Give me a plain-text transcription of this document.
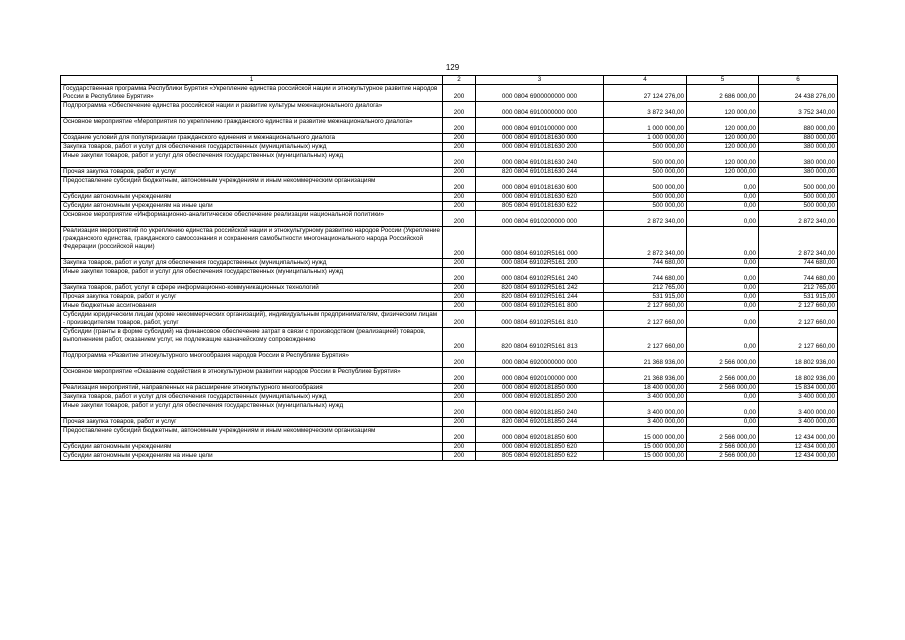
129
1	2	3	4	5	6
Государственная программа Республики Бурятия «Укрепление единства российской нации и этнокультурное развитие народов России в Республике Бурятия»	200	000 0804 6900000000 000	27 124 276,00	2 686 000,00	24 438 276,00
Подпрограмма «Обеспечение единства российской нации и развитие культуры межнационального диалога»	200	000 0804 6910000000 000	3 872 340,00	120 000,00	3 752 340,00
Основное мероприятие «Мероприятия по укреплению гражданского единства и развитие межнационального диалога»	200	000 0804 6910100000 000	1 000 000,00	120 000,00	880 000,00
Создание условий для популяризации гражданского единения и межнационального диалога	200	000 0804 6910181630 000	1 000 000,00	120 000,00	880 000,00
Закупка товаров, работ и услуг для обеспечения государственных (муниципальных) нужд	200	000 0804 6910181630 200	500 000,00	120 000,00	380 000,00
Иные закупки товаров, работ и услуг для обеспечения государственных (муниципальных) нужд	200	000 0804 6910181630 240	500 000,00	120 000,00	380 000,00
Прочая закупка товаров, работ и услуг	200	820 0804 6910181630 244	500 000,00	120 000,00	380 000,00
Предоставление субсидий бюджетным, автономным учреждениям и иным некоммерческим организациям	200	000 0804 6910181630 600	500 000,00	0,00	500 000,00
Субсидии автономным учреждениям	200	000 0804 6910181630 620	500 000,00	0,00	500 000,00
Субсидии автономным учреждениям на иные цели	200	805 0804 6910181630 622	500 000,00	0,00	500 000,00
Основное мероприятие «Информационно-аналитическое обеспечение реализации национальной политики»	200	000 0804 6910200000 000	2 872 340,00	0,00	2 872 340,00
Реализация мероприятий по укреплению единства российской нации и этнокультурному развитию народов России (Укрепление гражданского единства, гражданского самосознания и сохранения самобытности многонационального народа Российской Федерации (российской нации)	200	000 0804 69102R5161 000	2 872 340,00	0,00	2 872 340,00
Закупка товаров, работ и услуг для обеспечения государственных (муниципальных) нужд	200	000 0804 69102R5161 200	744 680,00	0,00	744 680,00
Иные закупки товаров, работ и услуг для обеспечения государственных (муниципальных) нужд	200	000 0804 69102R5161 240	744 680,00	0,00	744 680,00
Закупка товаров, работ, услуг в сфере информационно-коммуникационных технологий	200	820 0804 69102R5161 242	212 765,00	0,00	212 765,00
Прочая закупка товаров, работ и услуг	200	820 0804 69102R5161 244	531 915,00	0,00	531 915,00
Иные бюджетные ассигнования	200	000 0804 69102R5161 800	2 127 660,00	0,00	2 127 660,00
Субсидии юридическим лицам (кроме некоммерческих организаций), индивидуальным предпринимателям, физическим лицам - производителям товаров, работ, услуг	200	000 0804 69102R5161 810	2 127 660,00	0,00	2 127 660,00
Субсидии (гранты в форме субсидий) на финансовое обеспечение затрат в связи с производством (реализацией) товаров, выполнением работ, оказанием услуг, не подлежащие казначейскому сопровождению	200	820 0804 69102R5161 813	2 127 660,00	0,00	2 127 660,00
Подпрограмма «Развитие этнокультурного многообразия народов России в Республике Бурятия»	200	000 0804 6920000000 000	21 368 936,00	2 566 000,00	18 802 936,00
Основное мероприятие «Оказание содействия в этнокультурном развитии народов России в Республике Бурятия»	200	000 0804 6920100000 000	21 368 936,00	2 566 000,00	18 802 936,00
Реализация мероприятий, направленных на расширение этнокультурного многообразия	200	000 0804 6920181850 000	18 400 000,00	2 566 000,00	15 834 000,00
Закупка товаров, работ и услуг для обеспечения государственных (муниципальных) нужд	200	000 0804 6920181850 200	3 400 000,00	0,00	3 400 000,00
Иные закупки товаров, работ и услуг для обеспечения государственных (муниципальных) нужд	200	000 0804 6920181850 240	3 400 000,00	0,00	3 400 000,00
Прочая закупка товаров, работ и услуг	200	820 0804 6920181850 244	3 400 000,00	0,00	3 400 000,00
Предоставление субсидий бюджетным, автономным учреждениям и иным некоммерческим организациям	200	000 0804 6920181850 600	15 000 000,00	2 566 000,00	12 434 000,00
Субсидии автономным учреждениям	200	000 0804 6920181850 620	15 000 000,00	2 566 000,00	12 434 000,00
Субсидии автономным учреждениям на иные цели	200	805 0804 6920181850 622	15 000 000,00	2 566 000,00	12 434 000,00
